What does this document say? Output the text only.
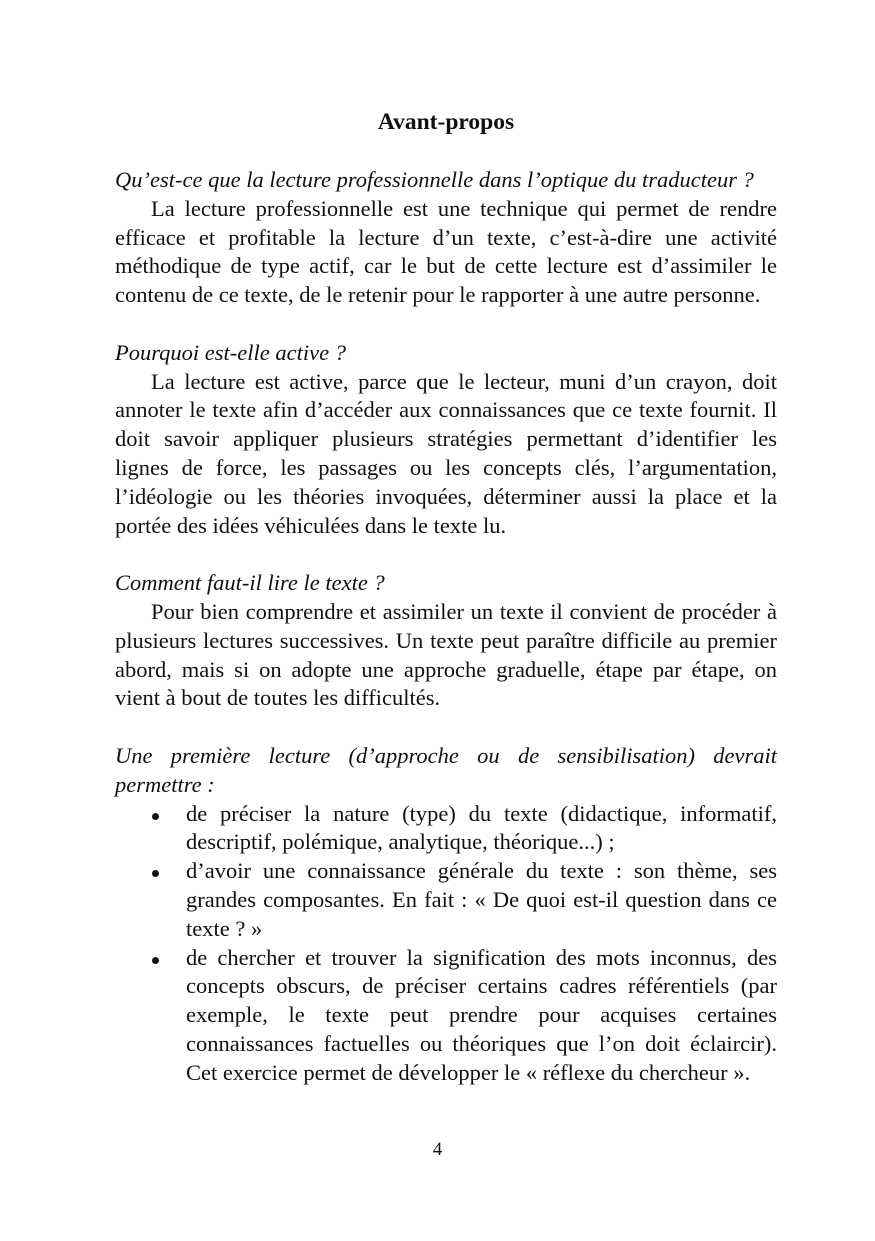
Avant-propos

Qu’est-ce que la lecture professionnelle dans l’optique du traducteur ?

La lecture professionnelle est une technique qui permet de rendre efficace et profitable la lecture d’un texte, c’est-à-dire une activité méthodique de type actif, car le but de cette lecture est d’assimiler le contenu de ce texte, de le retenir pour le rapporter à une autre personne.

Pourquoi est-elle active ?

La lecture est active, parce que le lecteur, muni d’un crayon, doit annoter le texte afin d’accéder aux connaissances que ce texte fournit. Il doit savoir appliquer plusieurs stratégies permettant d’identifier les lignes de force, les passages ou les concepts clés, l’argumentation, l’idéologie ou les théories invoquées, déterminer aussi la place et la portée des idées véhiculées dans le texte lu.

Comment faut-il lire le texte ?

Pour bien comprendre et assimiler un texte il convient de procéder à plusieurs lectures successives. Un texte peut paraître difficile au premier abord, mais si on adopte une approche graduelle, étape par étape, on vient à bout de toutes les difficultés.

Une première lecture (d’approche ou de sensibilisation) devrait permettre :

de préciser la nature (type) du texte (didactique, informatif, descriptif, polémique, analytique, théorique...) ;
d’avoir une connaissance générale du texte : son thème, ses grandes composantes. En fait : « De quoi est-il question dans ce texte ? »
de chercher et trouver la signification des mots inconnus, des concepts obscurs, de préciser certains cadres référentiels (par exemple, le texte peut prendre pour acquises certaines connaissances factuelles ou théoriques que l’on doit éclaircir). Cet exercice permet de développer le « réflexe du chercheur ».
4
